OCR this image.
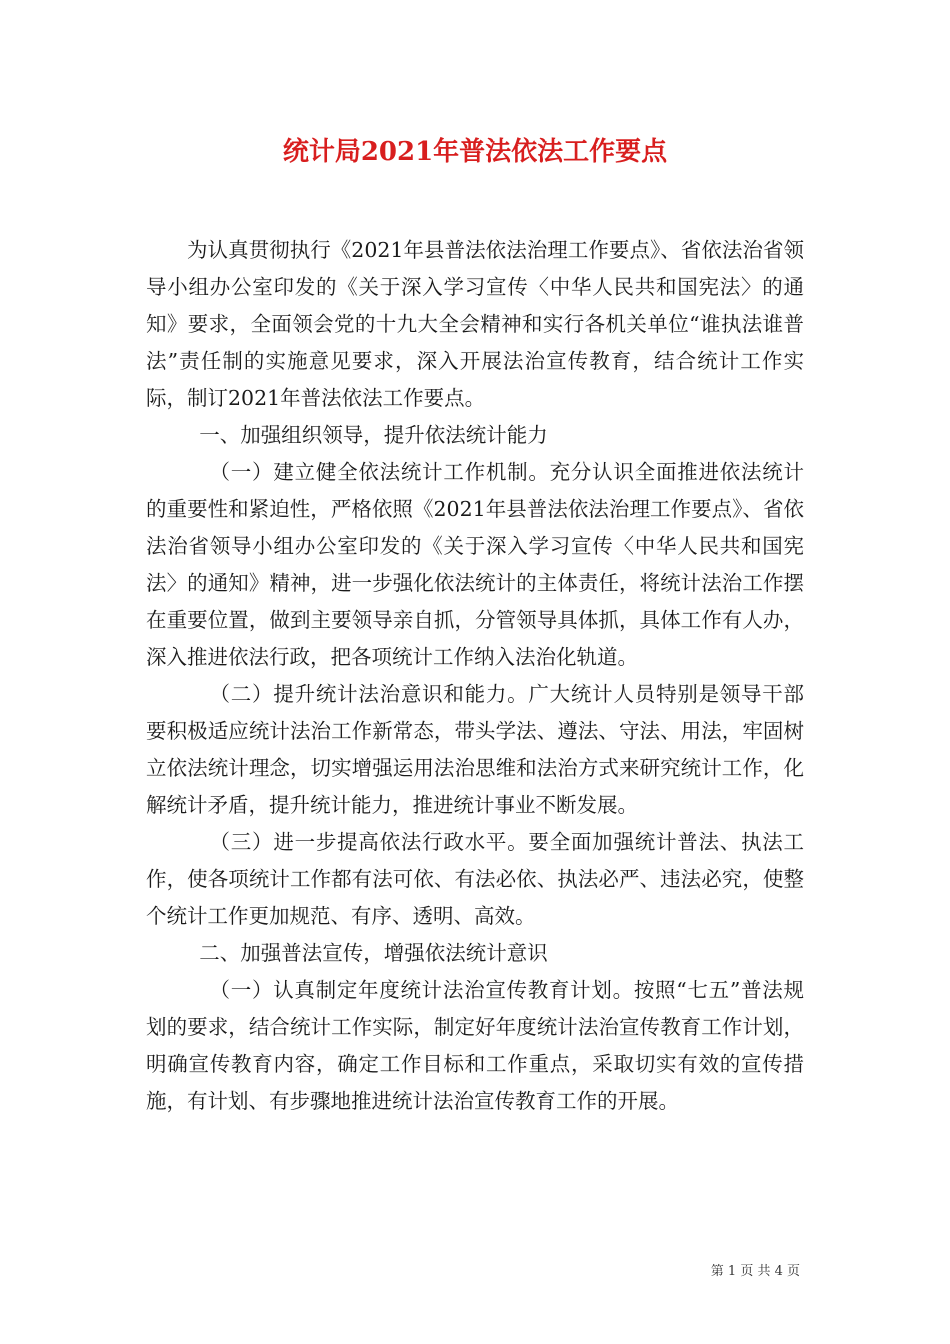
统计局2021年普法依法工作要点

为认真贯彻执行《2021年县普法依法治理工作要点》、省依法治省领导小组办公室印发的《关于深入学习宣传〈中华人民共和国宪法〉的通知》要求，全面领会党的十九大全会精神和实行各机关单位“谁执法谁普法”责任制的实施意见要求，深入开展法治宣传教育，结合统计工作实际，制订2021年普法依法工作要点。

一、加强组织领导，提升依法统计能力

（一）建立健全依法统计工作机制。充分认识全面推进依法统计的重要性和紧迫性，严格依照《2021年县普法依法治理工作要点》、省依法治省领导小组办公室印发的《关于深入学习宣传〈中华人民共和国宪法〉的通知》精神，进一步强化依法统计的主体责任，将统计法治工作摆在重要位置，做到主要领导亲自抓，分管领导具体抓，具体工作有人办，深入推进依法行政，把各项统计工作纳入法治化轨道。

（二）提升统计法治意识和能力。广大统计人员特别是领导干部要积极适应统计法治工作新常态，带头学法、遵法、守法、用法，牢固树立依法统计理念，切实增强运用法治思维和法治方式来研究统计工作，化解统计矛盾，提升统计能力，推进统计事业不断发展。

（三）进一步提高依法行政水平。要全面加强统计普法、执法工作，使各项统计工作都有法可依、有法必依、执法必严、违法必究，使整个统计工作更加规范、有序、透明、高效。

二、加强普法宣传，增强依法统计意识

（一）认真制定年度统计法治宣传教育计划。按照“七五”普法规划的要求，结合统计工作实际，制定好年度统计法治宣传教育工作计划，明确宣传教育内容，确定工作目标和工作重点，采取切实有效的宣传措施，有计划、有步骤地推进统计法治宣传教育工作的开展。

第 1 页 共 4 页
